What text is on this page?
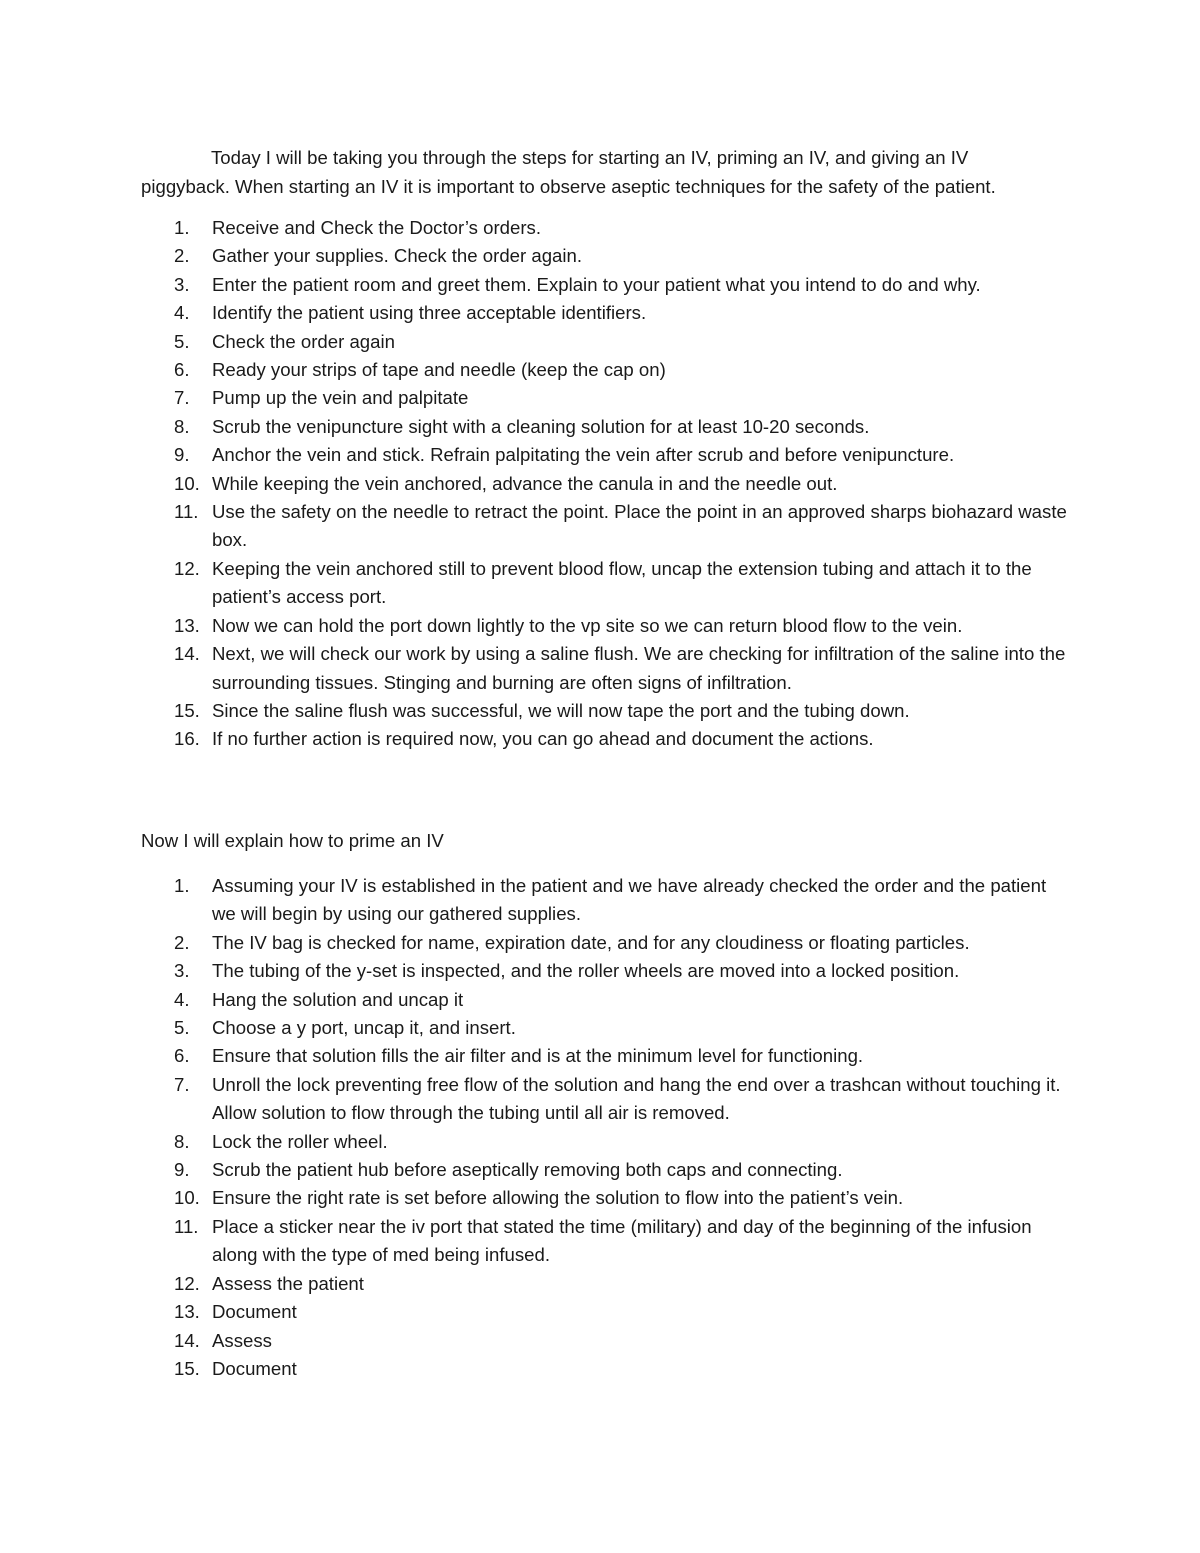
Today I will be taking you through the steps for starting an IV, priming an IV, and giving an IV piggyback. When starting an IV it is important to observe aseptic techniques for the safety of the patient.

1.	Receive and Check the Doctor’s orders.
2.	Gather your supplies. Check the order again.
3.	Enter the patient room and greet them. Explain to your patient what you intend to do and why.
4.	Identify the patient using three acceptable identifiers.
5.	Check the order again
6.	Ready your strips of tape and needle (keep the cap on)
7.	Pump up the vein and palpitate
8.	Scrub the venipuncture sight with a cleaning solution for at least 10-20 seconds.
9.	Anchor the vein and stick. Refrain palpitating the vein after scrub and before venipuncture.
10. While keeping the vein anchored, advance the canula in and the needle out.
11. Use the safety on the needle to retract the point. Place the point in an approved sharps biohazard waste box.
12. Keeping the vein anchored still to prevent blood flow, uncap the extension tubing and attach it to the patient’s access port.
13. Now we can hold the port down lightly to the vp site so we can return blood flow to the vein.
14. Next, we will check our work by using a saline flush. We are checking for infiltration of the saline into the surrounding tissues. Stinging and burning are often signs of infiltration.
15. Since the saline flush was successful, we will now tape the port and the tubing down.
16. If no further action is required now, you can go ahead and document the actions.

Now I will explain how to prime an IV

1.	Assuming your IV is established in the patient and we have already checked the order and the patient we will begin by using our gathered supplies.
2.	The IV bag is checked for name, expiration date, and for any cloudiness or floating particles.
3.	The tubing of the y-set is inspected, and the roller wheels are moved into a locked position.
4.	Hang the solution and uncap it
5.	Choose a y port, uncap it, and insert.
6.	Ensure that solution fills the air filter and is at the minimum level for functioning.
7.	Unroll the lock preventing free flow of the solution and hang the end over a trashcan without touching it. Allow solution to flow through the tubing until all air is removed.
8.	Lock the roller wheel.
9.	Scrub the patient hub before aseptically removing both caps and connecting.
10. Ensure the right rate is set before allowing the solution to flow into the patient’s vein.
11. Place a sticker near the iv port that stated the time (military) and day of the beginning of the infusion along with the type of med being infused.
12. Assess the patient
13. Document
14. Assess
15. Document
